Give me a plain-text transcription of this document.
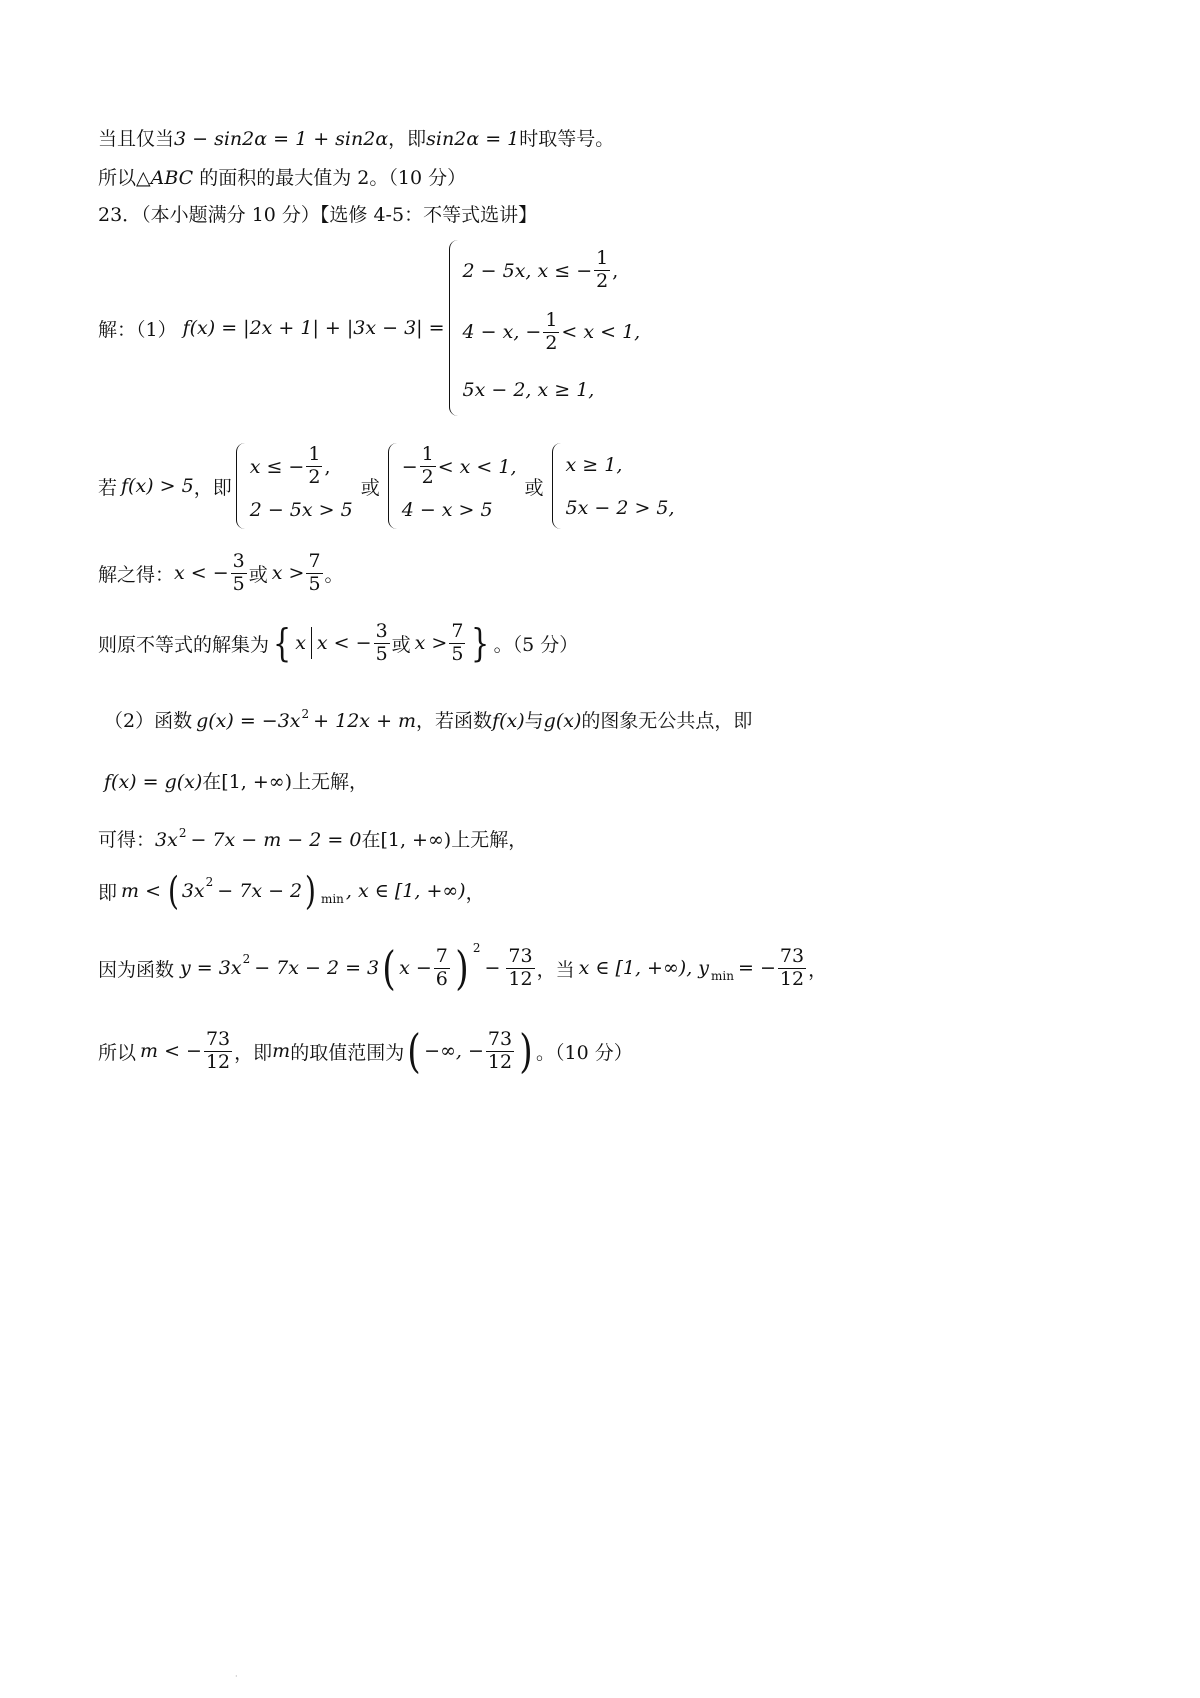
当且仅当3 − sin2α = 1 + sin2α，即sin2α = 1时取等号。
所以△ABC 的面积的最大值为 2。（10 分）
23．（本小题满分 10 分）【选修 4-5：不等式选讲】
解：（1） f(x) = |2x + 1| + |3x − 3| =
2 − 5x, x ≤ − $\frac{1}{2}$ ,
4 − x, − $\frac{1}{2} < x < 1$,
5x − 2, x ≥ 1,
若 f(x) > 5 ，即
x ≤ − $\frac{1}{2}$ ,
2 − 5x > 5
或
− $\frac{1}{2} < x < 1$,
4 − x > 5
或
x ≥ 1,
5x − 2 > 5,
解之得： x < − $\frac{3}{5}$ 或 $x > \frac{7}{5}$ 。
则原不等式的解集为 { x x < − $\frac{3}{5}$ 或 $x > \frac{7}{5}$ } 。（5 分）
（2）函数 $g(x) = -3x^2 + 12x + m$，若函数f(x)与g(x)的图象无公共点，即
f(x) = g(x)在[1, +∞)上无解，
可得：$3x^2 - 7x - m - 2 = 0$在[1, +∞)上无解，
即 m < ( 3x 2 − 7x − 2 ) min , x ∈ [1, +∞) ，
因为函数 y = 3x 2 − 7x − 2 = 3 ( $x - \frac{7}{6}$ ) 2
− $\frac{73}{12}$ ，当 x ∈ [1, +∞), y min = − $\frac{73}{12}$ ，
所以 m < − $\frac{73}{12}$ ，即 m 的取值范围为 ( −∞, − $\frac{73}{12}$ ) 。（10 分）
·
